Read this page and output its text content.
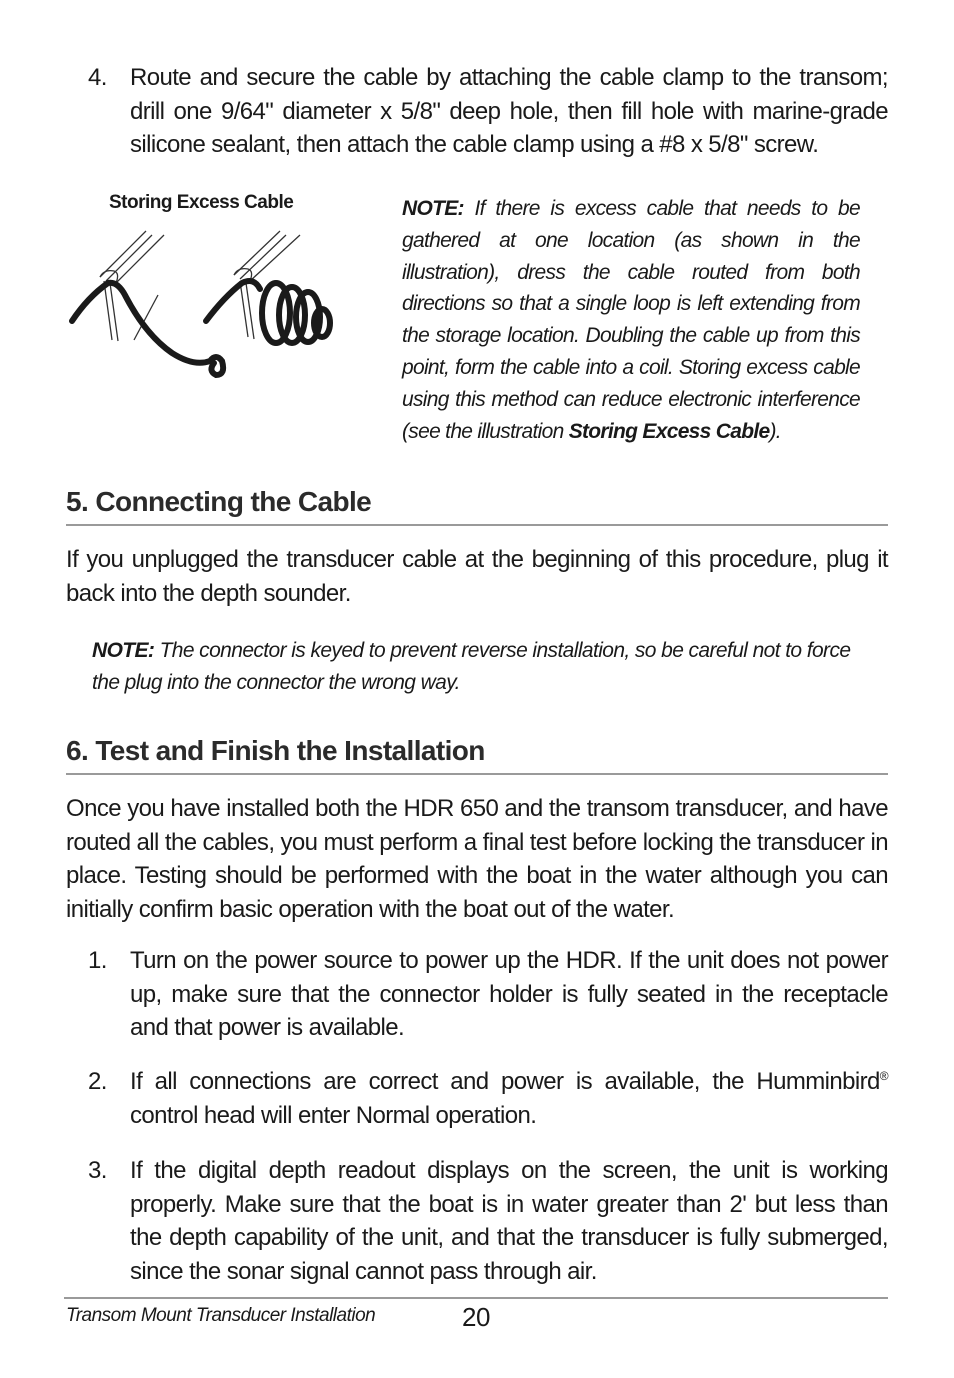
4. Route and secure the cable by attaching the cable clamp to the transom; drill one 9/64" diameter x 5/8" deep hole, then fill hole with marine-grade silicone sealant, then attach the cable clamp using a #8 x 5/8" screw.
Storing Excess Cable	NOTE: If there is excess cable that needs to be gathered at one location (as shown in the illustration), dress the cable routed from both directions so that a single loop is left extending from the storage location. Doubling the cable up from this point, form the cable into a coil. Storing excess cable using this method can reduce electronic interference (see the illustration Storing Excess Cable).
5. Connecting the Cable
If you unplugged the transducer cable at the beginning of this procedure, plug it back into the depth sounder.
NOTE: The connector is keyed to prevent reverse installation, so be careful not to force the plug into the connector the wrong way.
6. Test and Finish the Installation
Once you have installed both the HDR 650 and the transom transducer, and have routed all the cables, you must perform a final test before locking the transducer in place. Testing should be performed with the boat in the water although you can initially confirm basic operation with the boat out of the water.
1. Turn on the power source to power up the HDR. If the unit does not power up, make sure that the connector holder is fully seated in the receptacle and that power is available.
2. If all connections are correct and power is available, the Humminbird® control head will enter Normal operation.
3. If the digital depth readout displays on the screen, the unit is working properly. Make sure that the boat is in water greater than 2' but less than the depth capability of the unit, and that the transducer is fully submerged, since the sonar signal cannot pass through air.
Transom Mount Transducer Installation	20
